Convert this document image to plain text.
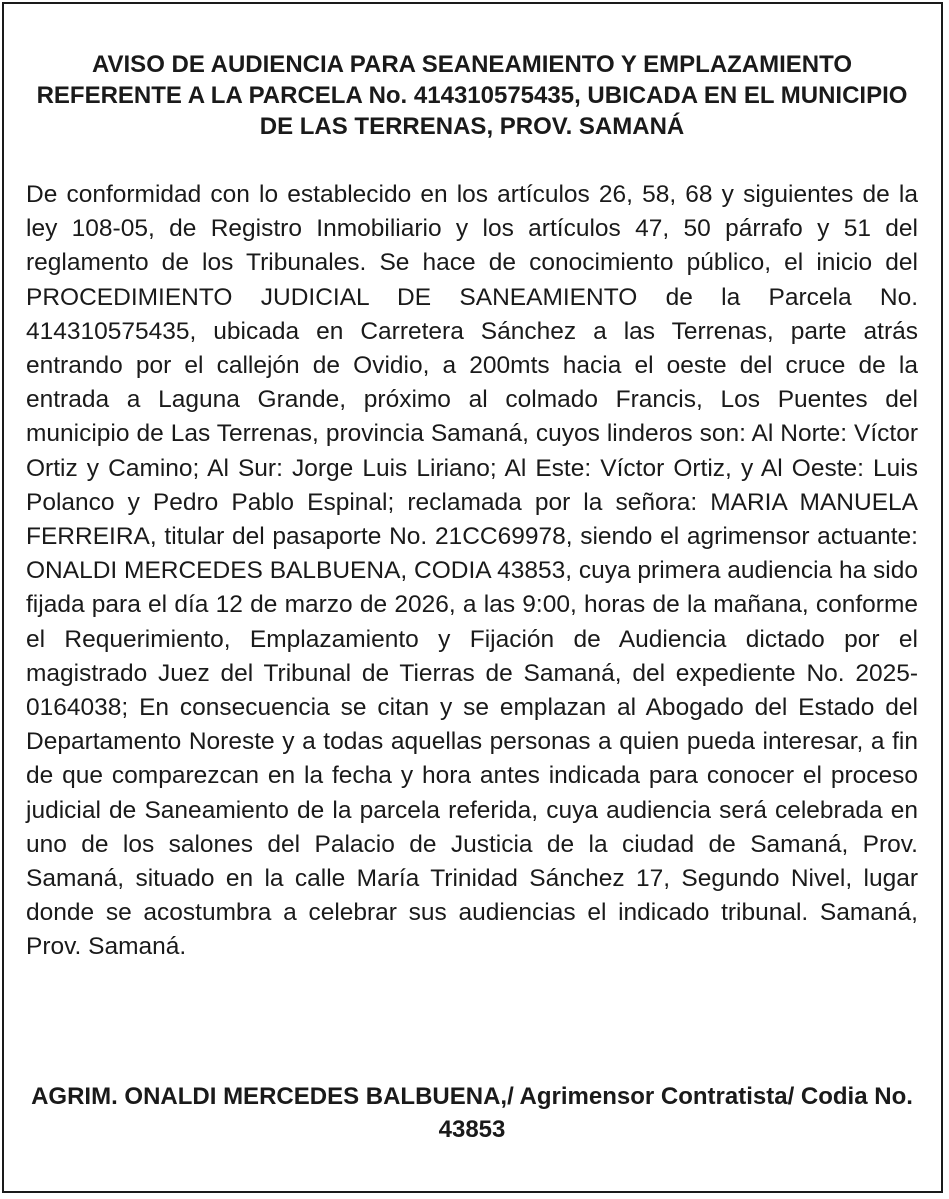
AVISO DE AUDIENCIA PARA SEANEAMIENTO Y EMPLAZAMIENTO REFERENTE A LA PARCELA No. 414310575435, UBICADA EN EL MUNICIPIO DE LAS TERRENAS, PROV. SAMANÁ

De conformidad con lo establecido en los artículos 26, 58, 68 y siguientes de la ley 108-05, de Registro Inmobiliario y los artículos 47, 50 párrafo y 51 del reglamento de los Tribunales. Se hace de conocimiento público, el inicio del PROCEDIMIENTO JUDICIAL DE SANEAMIENTO de la Parcela No. 414310575435, ubicada en Carretera Sánchez a las Terrenas, parte atrás entrando por el callejón de Ovidio, a 200mts hacia el oeste del cruce de la entrada a Laguna Grande, próximo al colmado Francis, Los Puentes del municipio de Las Terrenas, provincia Samaná, cuyos linderos son: Al Norte: Víctor Ortiz y Camino; Al Sur: Jorge Luis Liriano; Al Este: Víctor Ortiz, y Al Oeste: Luis Polanco y Pedro Pablo Espinal; reclamada por la señora: MARIA MANUELA FERREIRA, titular del pasaporte No. 21CC69978, siendo el agrimensor actuante: ONALDI MERCEDES BALBUENA, CODIA 43853, cuya primera audiencia ha sido fijada para el día 12 de marzo de 2026, a las 9:00, horas de la mañana, conforme el Requerimiento, Emplazamiento y Fijación de Audiencia dictado por el magistrado Juez del Tribunal de Tierras de Samaná, del expediente No. 2025-0164038; En consecuencia se citan y se emplazan al Abogado del Estado del Departamento Noreste y a todas aquellas personas a quien pueda interesar, a fin de que comparezcan en la fecha y hora antes indicada para conocer el proceso judicial de Saneamiento de la parcela referida, cuya audiencia será celebrada en uno de los salones del Palacio de Justicia de la ciudad de Samaná, Prov. Samaná, situado en la calle María Trinidad Sánchez 17, Segundo Nivel, lugar donde se acostumbra a celebrar sus audiencias el indicado tribunal. Samaná, Prov. Samaná.

AGRIM. ONALDI MERCEDES BALBUENA,/ Agrimensor Contratista/ Codia No. 43853
